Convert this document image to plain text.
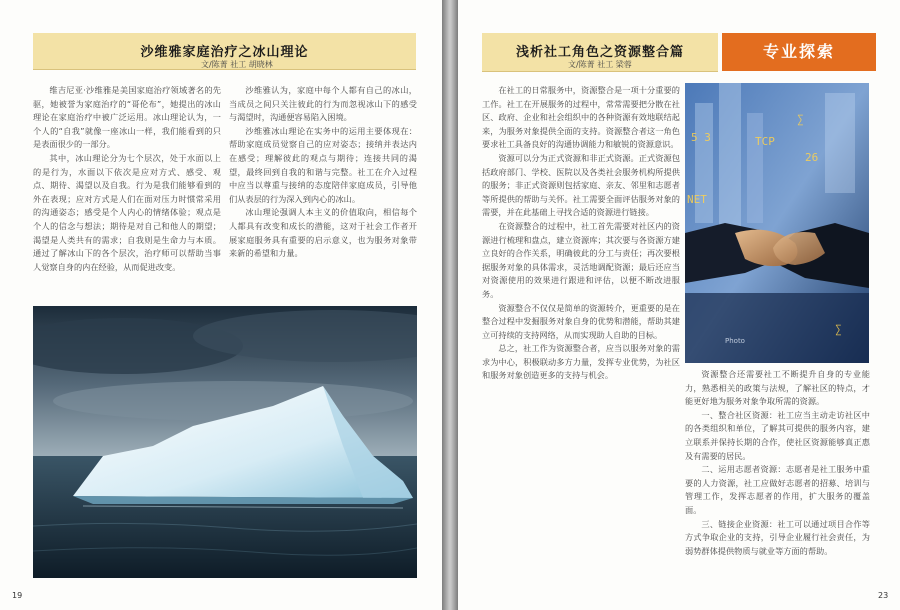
沙维雅家庭治疗之冰山理论
文/陈菁 社工 胡晓林

维吉尼亚·沙维雅是美国家庭治疗领域著名的先驱，她被誉为家庭治疗的“哥伦布”，她提出的冰山理论在家庭治疗中被广泛运用。冰山理论认为，一个人的“自我”就像一座冰山一样，我们能看到的只是表面很少的一部分。

其中，冰山理论分为七个层次，处于水面以上的是行为，水面以下依次是应对方式、感受、观点、期待、渴望以及自我。行为是我们能够看到的外在表现；应对方式是人们在面对压力时惯常采用的沟通姿态；感受是个人内心的情绪体验；观点是个人的信念与想法；期待是对自己和他人的期望；渴望是人类共有的需求；自我则是生命力与本质。通过了解冰山下的各个层次，治疗师可以帮助当事人觉察自身的内在经验，从而促进改变。

沙维雅认为，家庭中每个人都有自己的冰山，当成员之间只关注彼此的行为而忽视冰山下的感受与渴望时，沟通便容易陷入困境。

沙维雅冰山理论在实务中的运用主要体现在：帮助家庭成员觉察自己的应对姿态；接纳并表达内在感受；理解彼此的观点与期待；连接共同的渴望，最终回到自我的和谐与完整。社工在介入过程中应当以尊重与接纳的态度陪伴家庭成员，引导他们从表层的行为深入到内心的冰山。

冰山理论强调人本主义的价值取向，相信每个人都具有改变和成长的潜能，这对于社会工作者开展家庭服务具有重要的启示意义，也为服务对象带来新的希望和力量。

19
浅析社工角色之资源整合篇
文/陈菁 社工 梁蓉
专业探索

在社工的日常服务中，资源整合是一项十分重要的工作。社工在开展服务的过程中，常常需要把分散在社区、政府、企业和社会组织中的各种资源有效地联结起来，为服务对象提供全面的支持。资源整合者这一角色要求社工具备良好的沟通协调能力和敏锐的资源意识。

资源可以分为正式资源和非正式资源。正式资源包括政府部门、学校、医院以及各类社会服务机构所提供的服务；非正式资源则包括家庭、亲友、邻里和志愿者等所提供的帮助与关怀。社工需要全面评估服务对象的需要，并在此基础上寻找合适的资源进行链接。

在资源整合的过程中，社工首先需要对社区内的资源进行梳理和盘点，建立资源库；其次要与各资源方建立良好的合作关系，明确彼此的分工与责任；再次要根据服务对象的具体需求，灵活地调配资源；最后还应当对资源使用的效果进行跟进和评估，以便不断改进服务。

资源整合不仅仅是简单的资源转介，更重要的是在整合过程中发掘服务对象自身的优势和潜能，帮助其建立可持续的支持网络，从而实现助人自助的目标。

总之，社工作为资源整合者，应当以服务对象的需求为中心，积极联动多方力量，发挥专业优势，为社区和服务对象创造更多的支持与机会。	资源整合还需要社工不断提升自身的专业能力，熟悉相关的政策与法规，了解社区的特点，才能更好地为服务对象争取所需的资源。

一、整合社区资源：社工应当主动走访社区中的各类组织和单位，了解其可提供的服务内容，建立联系并保持长期的合作，使社区资源能够真正惠及有需要的居民。

二、运用志愿者资源：志愿者是社工服务中重要的人力资源，社工应做好志愿者的招募、培训与管理工作，发挥志愿者的作用，扩大服务的覆盖面。

三、链接企业资源：社工可以通过项目合作等方式争取企业的支持，引导企业履行社会责任，为弱势群体提供物质与就业等方面的帮助。

23
∑
5 3	TCP
26
NET
∑
Photo
